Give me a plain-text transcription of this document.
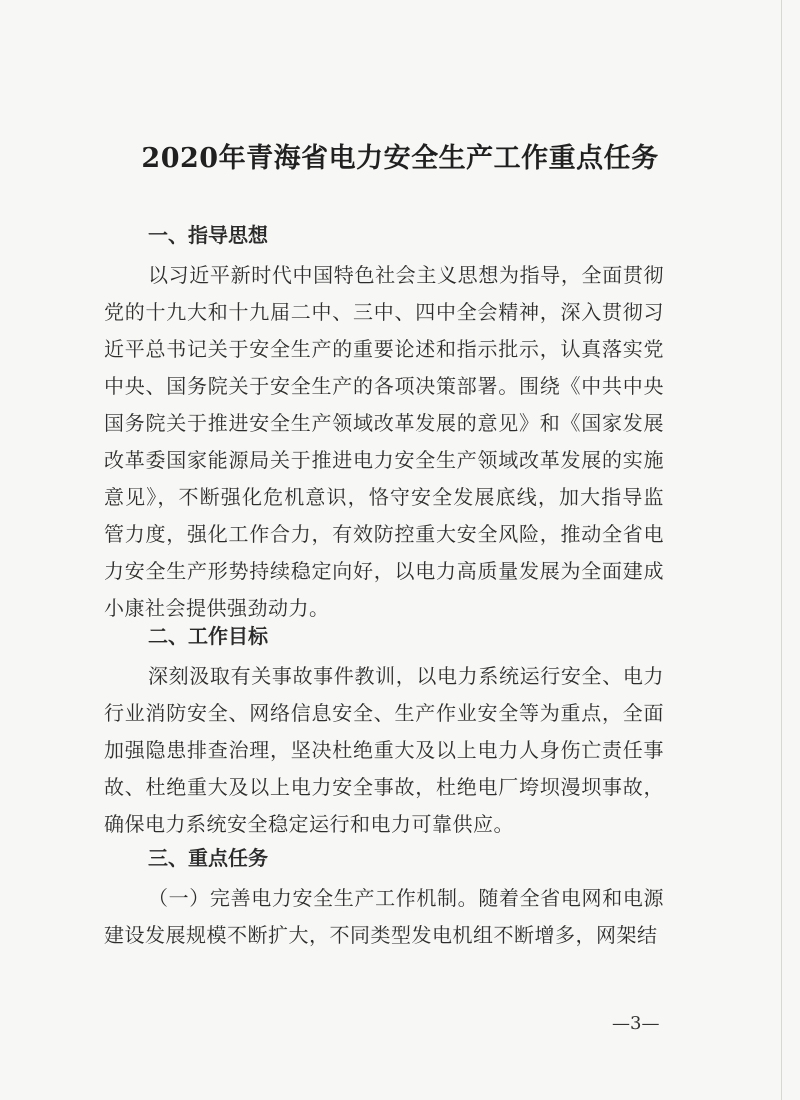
2020年青海省电力安全生产工作重点任务
一、指导思想
以习近平新时代中国特色社会主义思想为指导，全面贯彻党的十九大和十九届二中、三中、四中全会精神，深入贯彻习近平总书记关于安全生产的重要论述和指示批示，认真落实党中央、国务院关于安全生产的各项决策部署。围绕《中共中央国务院关于推进安全生产领域改革发展的意见》和《国家发展改革委国家能源局关于推进电力安全生产领域改革发展的实施意见》，不断强化危机意识，恪守安全发展底线，加大指导监管力度，强化工作合力，有效防控重大安全风险，推动全省电力安全生产形势持续稳定向好，以电力高质量发展为全面建成小康社会提供强劲动力。
二、工作目标
深刻汲取有关事故事件教训，以电力系统运行安全、电力行业消防安全、网络信息安全、生产作业安全等为重点，全面加强隐患排查治理，坚决杜绝重大及以上电力人身伤亡责任事故、杜绝重大及以上电力安全事故，杜绝电厂垮坝漫坝事故，确保电力系统安全稳定运行和电力可靠供应。
三、重点任务
（一）完善电力安全生产工作机制。随着全省电网和电源建设发展规模不断扩大，不同类型发电机组不断增多，网架结
—3—
